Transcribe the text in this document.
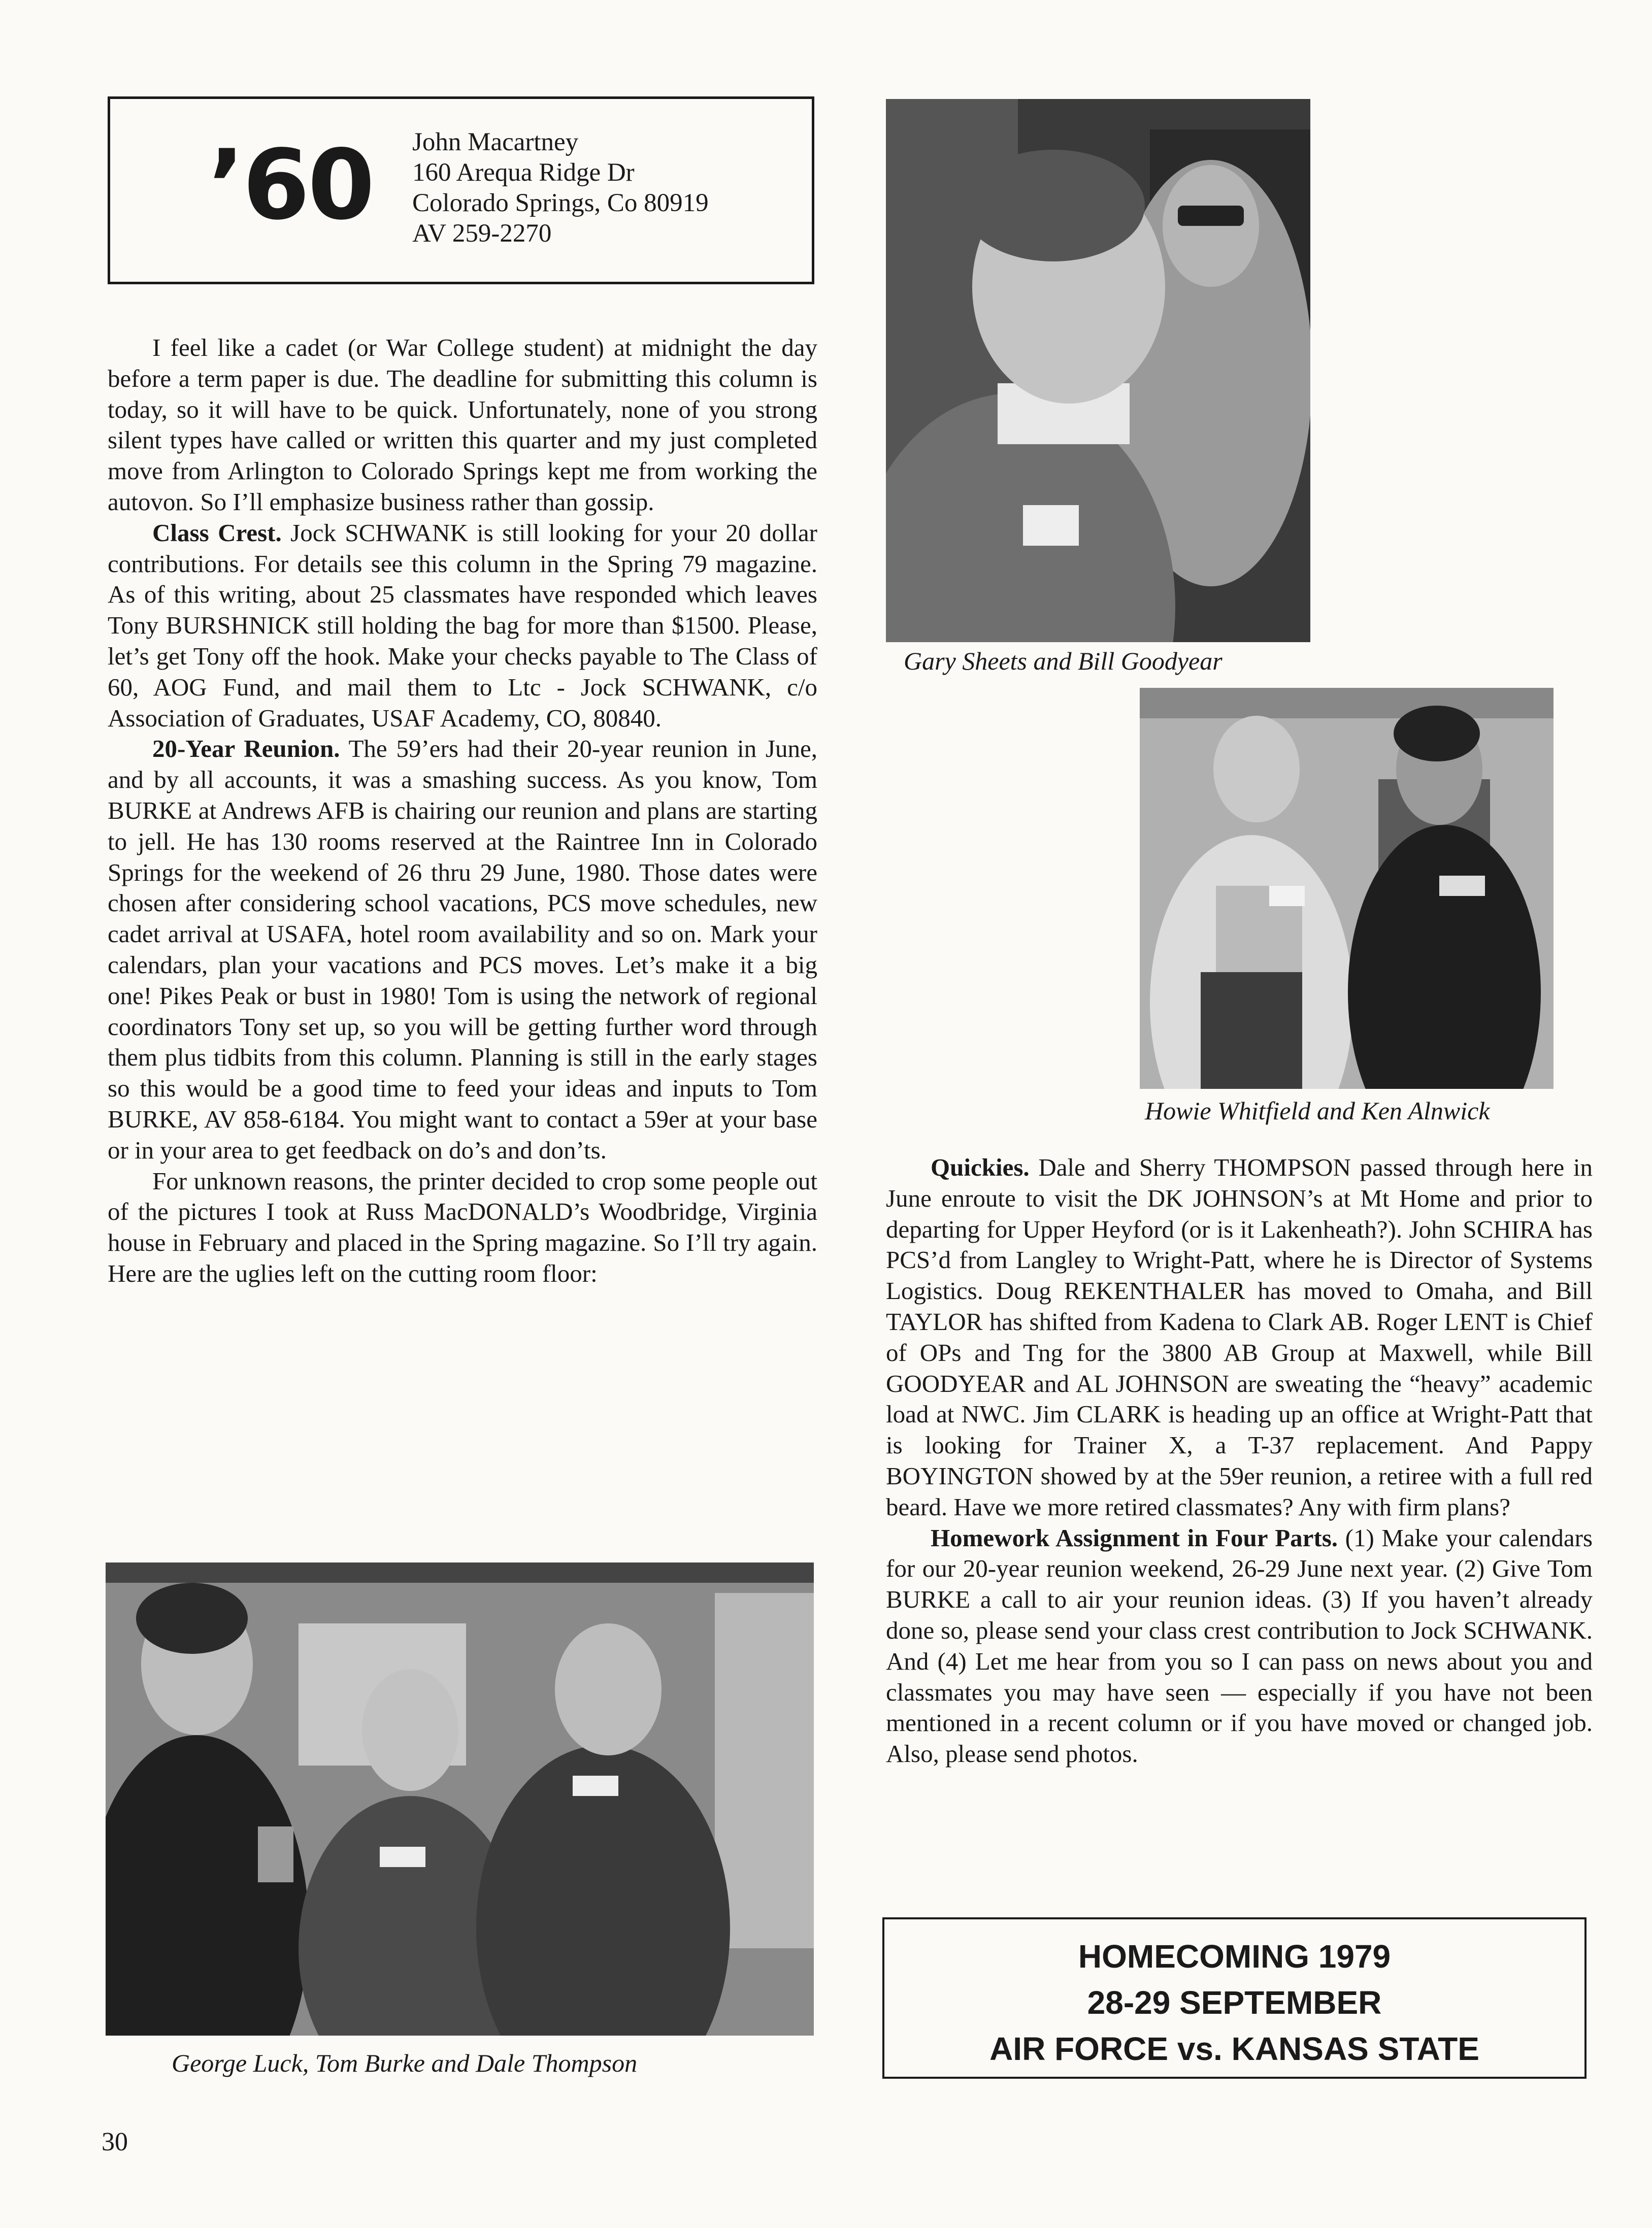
’60	John Macartney
160 Arequa Ridge Dr
Colorado Springs, Co 80919
AV 259-2270

I feel like a cadet (or War College student) at midnight the day before a term paper is due. The deadline for submitting this column is today, so it will have to be quick. Unfortunately, none of you strong silent types have called or written this quarter and my just completed move from Arlington to Colorado Springs kept me from working the autovon. So I’ll emphasize business rather than gossip.

Class Crest. Jock SCHWANK is still looking for your 20 dollar contributions. For details see this column in the Spring 79 magazine. As of this writing, about 25 classmates have responded which leaves Tony BURSHNICK still holding the bag for more than $1500. Please, let’s get Tony off the hook. Make your checks payable to The Class of 60, AOG Fund, and mail them to Ltc - Jock SCHWANK, c/o Association of Graduates, USAF Academy, CO, 80840.

20-Year Reunion. The 59’ers had their 20-year reunion in June, and by all accounts, it was a smashing success. As you know, Tom BURKE at Andrews AFB is chairing our reunion and plans are starting to jell. He has 130 rooms reserved at the Raintree Inn in Colorado Springs for the weekend of 26 thru 29 June, 1980. Those dates were chosen after considering school vacations, PCS move schedules, new cadet arrival at USAFA, hotel room availability and so on. Mark your calendars, plan your vacations and PCS moves. Let’s make it a big one! Pikes Peak or bust in 1980! Tom is using the network of regional coordinators Tony set up, so you will be getting further word through them plus tidbits from this column. Planning is still in the early stages so this would be a good time to feed your ideas and inputs to Tom BURKE, AV 858-6184. You might want to contact a 59er at your base or in your area to get feedback on do’s and don’ts.

For unknown reasons, the printer decided to crop some people out of the pictures I took at Russ MacDONALD’s Woodbridge, Virginia house in February and placed in the Spring magazine. So I’ll try again. Here are the uglies left on the cutting room floor:

Gary Sheets and Bill Goodyear
Howie Whitfield and Ken Alnwick

Quickies. Dale and Sherry THOMPSON passed through here in June enroute to visit the DK JOHNSON’s at Mt Home and prior to departing for Upper Heyford (or is it Lakenheath?). John SCHIRA has PCS’d from Langley to Wright-Patt, where he is Director of Systems Logistics. Doug REKENTHALER has moved to Omaha, and Bill TAYLOR has shifted from Kadena to Clark AB. Roger LENT is Chief of OPs and Tng for the 3800 AB Group at Maxwell, while Bill GOODYEAR and AL JOHNSON are sweating the “heavy” academic load at NWC. Jim CLARK is heading up an office at Wright-Patt that is looking for Trainer X, a T-37 replacement. And Pappy BOYINGTON showed by at the 59er reunion, a retiree with a full red beard. Have we more retired classmates? Any with firm plans?

Homework Assignment in Four Parts. (1) Make your calendars for our 20-year reunion weekend, 26-29 June next year. (2) Give Tom BURKE a call to air your reunion ideas. (3) If you haven’t already done so, please send your class crest contribution to Jock SCHWANK. And (4) Let me hear from you so I can pass on news about you and classmates you may have seen — especially if you have not been mentioned in a recent column or if you have moved or changed job. Also, please send photos.

George Luck, Tom Burke and Dale Thompson
HOMECOMING 1979
28-29 SEPTEMBER
AIR FORCE vs. KANSAS STATE
30
